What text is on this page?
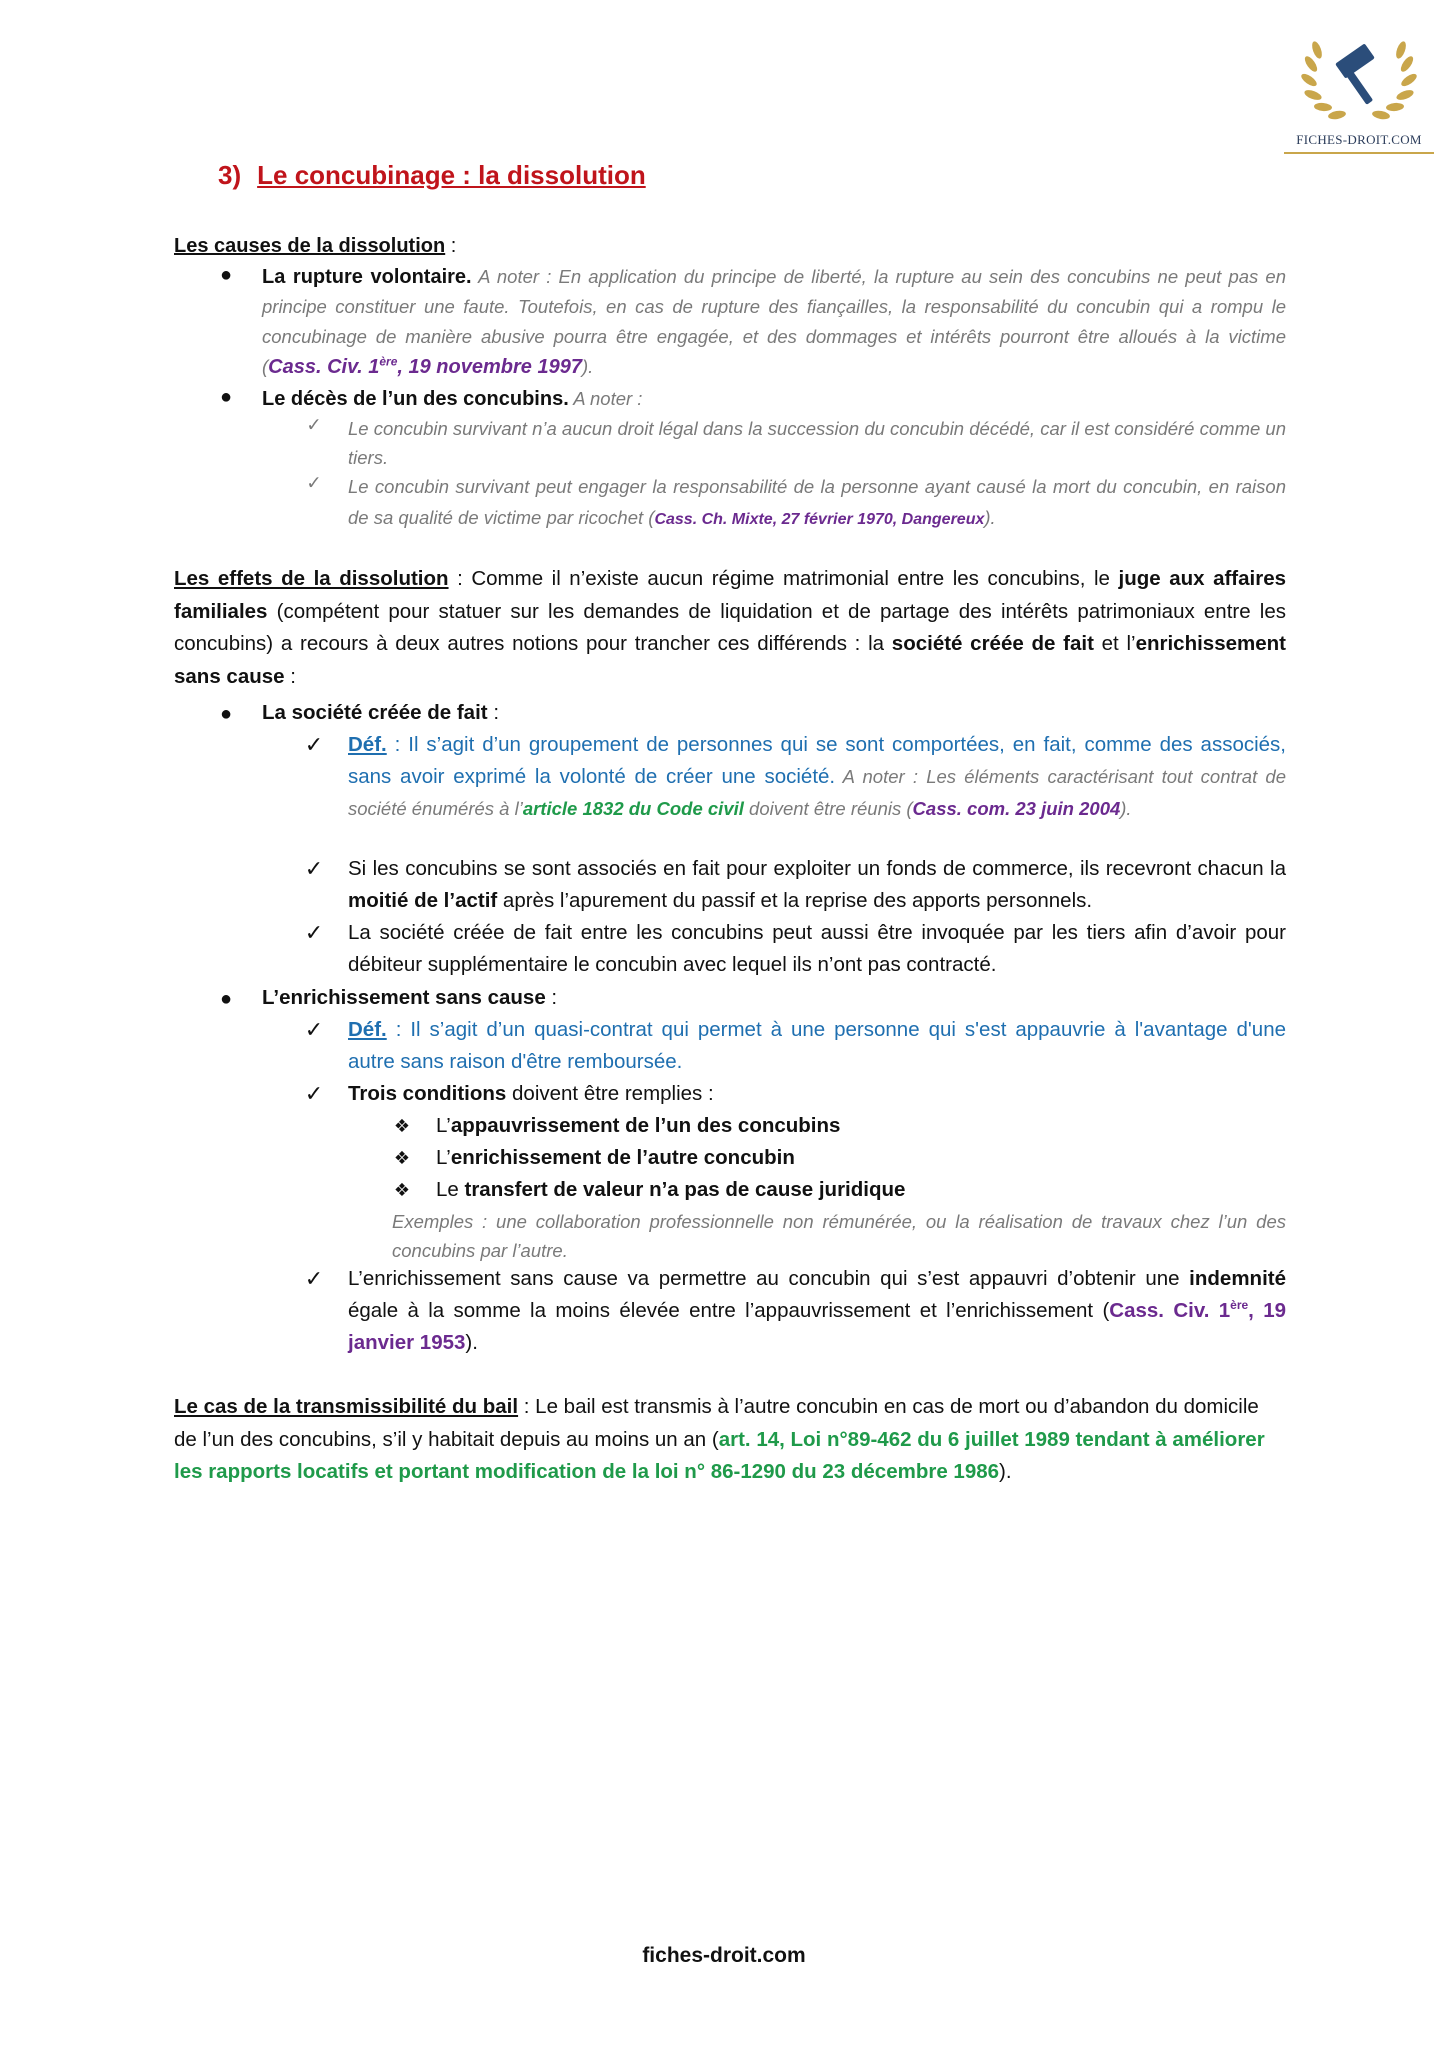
FICHES-DROIT.COM
3) Le concubinage : la dissolution
Les causes de la dissolution :
● La rupture volontaire. A noter : En application du principe de liberté, la rupture au sein des concubins ne peut pas en principe constituer une faute. Toutefois, en cas de rupture des fiançailles, la responsabilité du concubin qui a rompu le concubinage de manière abusive pourra être engagée, et des dommages et intérêts pourront être alloués à la victime (Cass. Civ. 1ère, 19 novembre 1997).
● Le décès de l’un des concubins. A noter :
✓ Le concubin survivant n’a aucun droit légal dans la succession du concubin décédé, car il est considéré comme un tiers.
✓ Le concubin survivant peut engager la responsabilité de la personne ayant causé la mort du concubin, en raison de sa qualité de victime par ricochet (Cass. Ch. Mixte, 27 février 1970, Dangereux).
Les effets de la dissolution : Comme il n’existe aucun régime matrimonial entre les concubins, le juge aux affaires familiales (compétent pour statuer sur les demandes de liquidation et de partage des intérêts patrimoniaux entre les concubins) a recours à deux autres notions pour trancher ces différends : la société créée de fait et l’enrichissement sans cause :
● La société créée de fait :
✓ Déf. : Il s’agit d’un groupement de personnes qui se sont comportées, en fait, comme des associés, sans avoir exprimé la volonté de créer une société. A noter : Les éléments caractérisant tout contrat de société énumérés à l’article 1832 du Code civil doivent être réunis (Cass. com. 23 juin 2004).
✓ Si les concubins se sont associés en fait pour exploiter un fonds de commerce, ils recevront chacun la moitié de l’actif après l’apurement du passif et la reprise des apports personnels.
✓ La société créée de fait entre les concubins peut aussi être invoquée par les tiers afin d’avoir pour débiteur supplémentaire le concubin avec lequel ils n’ont pas contracté.
● L’enrichissement sans cause :
✓ Déf. : Il s’agit d’un quasi-contrat qui permet à une personne qui s'est appauvrie à l'avantage d'une autre sans raison d'être remboursée.
✓ Trois conditions doivent être remplies :
❖ L’appauvrissement de l’un des concubins
❖ L’enrichissement de l’autre concubin
❖ Le transfert de valeur n’a pas de cause juridique
Exemples : une collaboration professionnelle non rémunérée, ou la réalisation de travaux chez l’un des concubins par l’autre.
✓ L’enrichissement sans cause va permettre au concubin qui s’est appauvri d’obtenir une indemnité égale à la somme la moins élevée entre l’appauvrissement et l’enrichissement (Cass. Civ. 1ère, 19 janvier 1953).
Le cas de la transmissibilité du bail : Le bail est transmis à l’autre concubin en cas de mort ou d’abandon du domicile de l’un des concubins, s’il y habitait depuis au moins un an (art. 14, Loi n°89-462 du 6 juillet 1989 tendant à améliorer les rapports locatifs et portant modification de la loi n° 86-1290 du 23 décembre 1986).
fiches-droit.com
